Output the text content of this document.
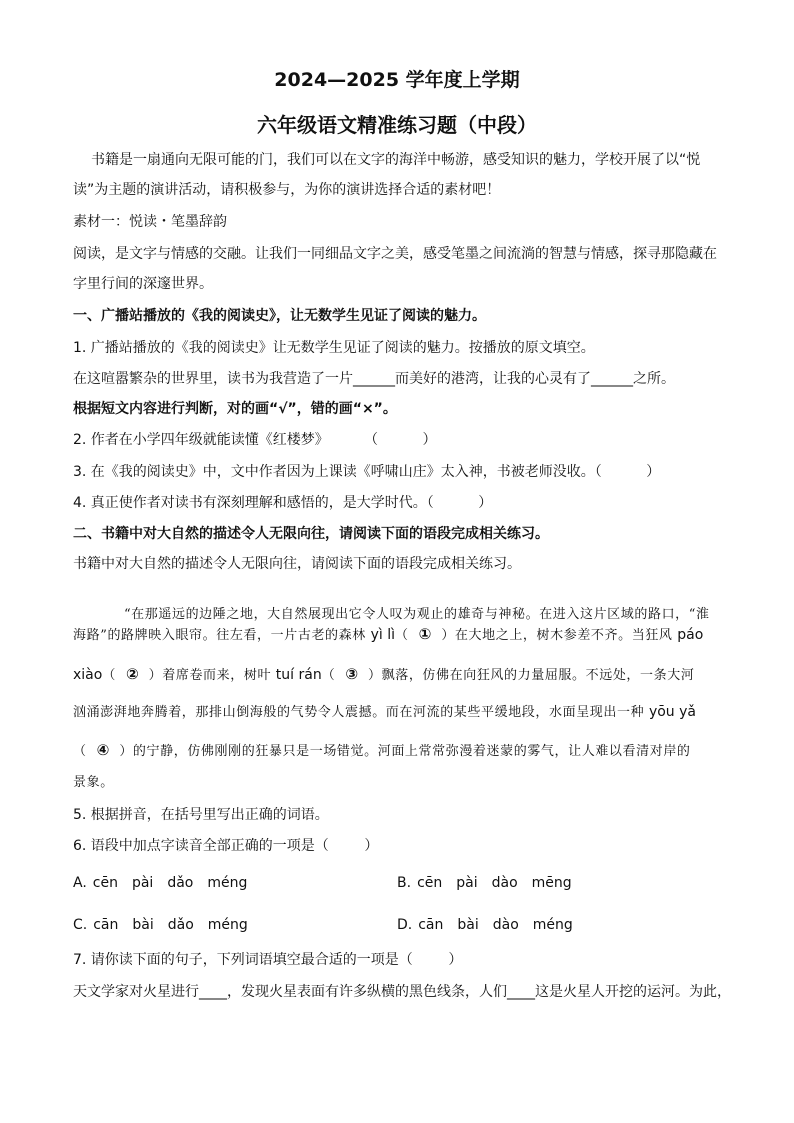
2024—2025 学年度上学期
六年级语文精准练习题（中段）
书籍是一扇通向无限可能的门，我们可以在文字的海洋中畅游，感受知识的魅力，学校开展了以“悦
读”为主题的演讲活动，请积极参与，为你的演讲选择合适的素材吧！
素材一：悦读・笔墨辞韵
阅读，是文字与情感的交融。让我们一同细品文字之美，感受笔墨之间流淌的智慧与情感，探寻那隐藏在
字里行间的深邃世界。
一、广播站播放的《我的阅读史》，让无数学生见证了阅读的魅力。
1. 广播站播放的《我的阅读史》让无数学生见证了阅读的魅力。按播放的原文填空。
在这喧嚣繁杂的世界里，读书为我营造了一片______而美好的港湾，让我的心灵有了______之所。
根据短文内容进行判断，对的画“√”，错的画“×”。
2. 作者在小学四年级就能读懂《红楼梦》	（          ）
3. 在《我的阅读史》中，文中作者因为上课读《呼啸山庄》太入神，书被老师没收。（          ）
4. 真正使作者对读书有深刻理解和感悟的，是大学时代。（          ）
二、书籍中对大自然的描述令人无限向往，请阅读下面的语段完成相关练习。
书籍中对大自然的描述令人无限向往，请阅读下面的语段完成相关练习。

“在那遥远的边陲之地，大自然展现出它令人叹为观止的雄奇与神秘。在进入这片区域的路口，“淮

海路”的路牌映入眼帘。往左看，一片古老的森林 yì lì（ ① ）在大地之上，树木参差不齐。当狂风 páo
xiào（ ② ）着席卷而来，树叶 tuí rán（ ③ ）飘落，仿佛在向狂风的力量屈服。不远处，一条大河
汹涌澎湃地奔腾着，那排山倒海般的气势令人震撼。而在河流的某些平缓地段，水面呈现出一种 yōu yǎ
（ ④ ）的宁静，仿佛刚刚的狂暴只是一场错觉。河面上常常弥漫着迷蒙的雾气，让人难以看清对岸的
景象。
5. 根据拼音，在括号里写出正确的词语。
6. 语段中加点字读音全部正确的一项是（        ）
A. cēn pài dǎo méng	B. cēn pài dào mēng
C. cān bài dǎo méng	D. cān bài dào méng
7. 请你读下面的句子，下列词语填空最合适的一项是（        ）
天文学家对火星进行____，发现火星表面有许多纵横的黑色线条，人们____这是火星人开挖的运河。为此，
